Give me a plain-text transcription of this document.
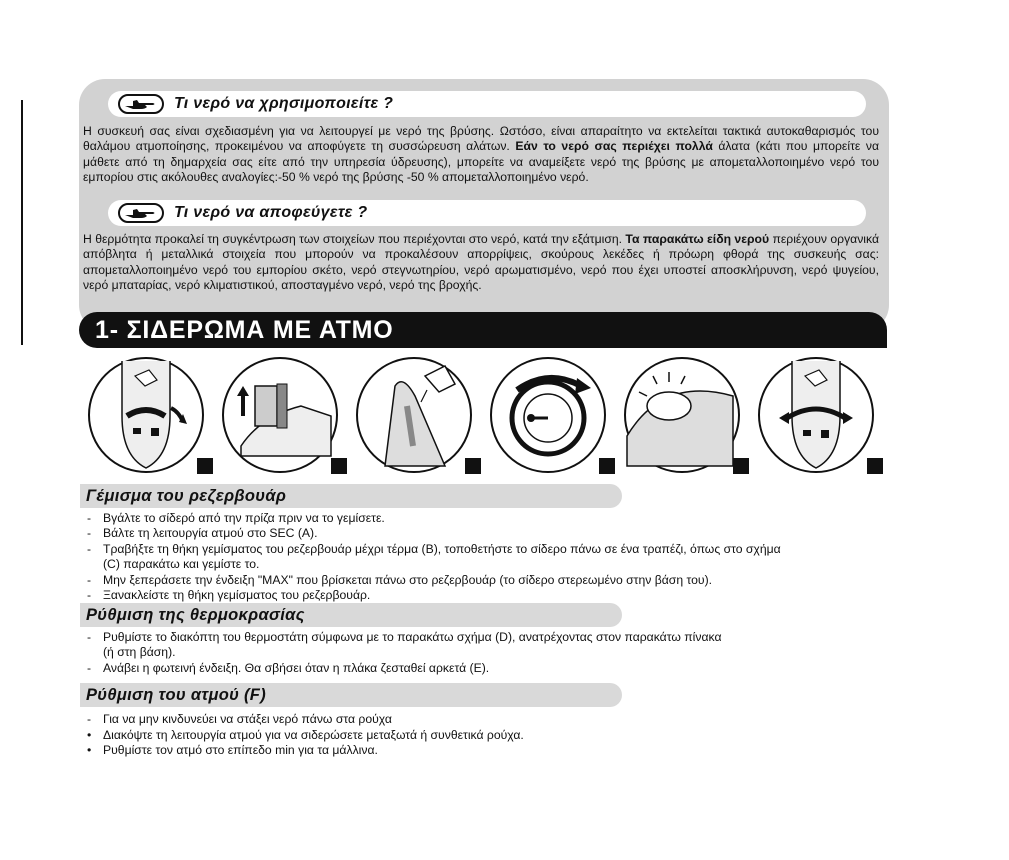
Τι νερό να χρησιμοποιείτε ?
Η συσκευή σας είναι σχεδιασμένη για να λειτουργεί με νερό της βρύσης. Ωστόσο, είναι απαραίτητο να εκτελείται τακτικά αυτοκαθαρισμός του θαλάμου ατμοποίησης, προκειμένου να αποφύγετε τη συσσώρευση αλάτων. Εάν το νερό σας περιέχει πολλά άλατα (κάτι που μπορείτε να μάθετε από τη δημαρχεία σας είτε από την υπηρεσία ύδρευσης), μπορείτε να αναμείξετε νερό της βρύσης με απομεταλλοποιημένο νερό του εμπορίου στις ακόλουθες αναλογίες:-50 % νερό της βρύσης -50 % απομεταλλοποιημένο νερό.
Τι νερό να αποφεύγετε ?
Η θερμότητα προκαλεί τη συγκέντρωση των στοιχείων που περιέχονται στο νερό, κατά την εξάτμιση. Τα παρακάτω είδη νερού περιέχουν οργανικά απόβλητα ή μεταλλικά στοιχεία που μπορούν να προκαλέσουν απορρίψεις, σκούρους λεκέδες ή πρόωρη φθορά της συσκευής σας: απομεταλλοποιημένο νερό του εμπορίου σκέτο, νερό στεγνωτηρίου, νερό αρωματισμένο, νερό που έχει υποστεί αποσκλήρυνση, νερό ψυγείου, νερό μπαταρίας, νερό κλιματιστικού, αποσταγμένο νερό, νερό της βροχής.
1- ΣΙΔΕΡΩΜΑ ΜΕ ΑΤΜΟ
Γέμισμα του ρεζερβουάρ
- Βγάλτε το σίδερό από την πρίζα πριν να το γεμίσετε.
- Βάλτε τη λειτουργία ατμού στο SEC (A).
- Τραβήξτε τη θήκη γεμίσματος του ρεζερβουάρ μέχρι τέρμα (B), τοποθετήστε το σίδερο πάνω σε ένα τραπέζι, όπως στο σχήμα
(C) παρακάτω και γεμίστε το.
- Μην ξεπεράσετε την ένδειξη "MAX" που βρίσκεται πάνω στο ρεζερβουάρ (το σίδερο στερεωμένο στην βάση του).
- Ξανακλείστε τη θήκη γεμίσματος του ρεζερβουάρ.
Ρύθμιση της θερμοκρασίας
- Ρυθμίστε το διακόπτη του θερμοστάτη σύμφωνα με το παρακάτω σχήμα (D), ανατρέχοντας στον παρακάτω πίνακα
(ή στη βάση).
- Ανάβει η φωτεινή ένδειξη. Θα σβήσει όταν η πλάκα ζεσταθεί αρκετά (E).
Ρύθμιση του ατμού (F)
- Για να μην κινδυνεύει να στάξει νερό πάνω στα ρούχα
• Διακόψτε τη λειτουργία ατμού για να σιδερώσετε μεταξωτά ή συνθετικά ρούχα.
• Ρυθμίστε τον ατμό στο επίπεδο min για τα μάλλινα.
